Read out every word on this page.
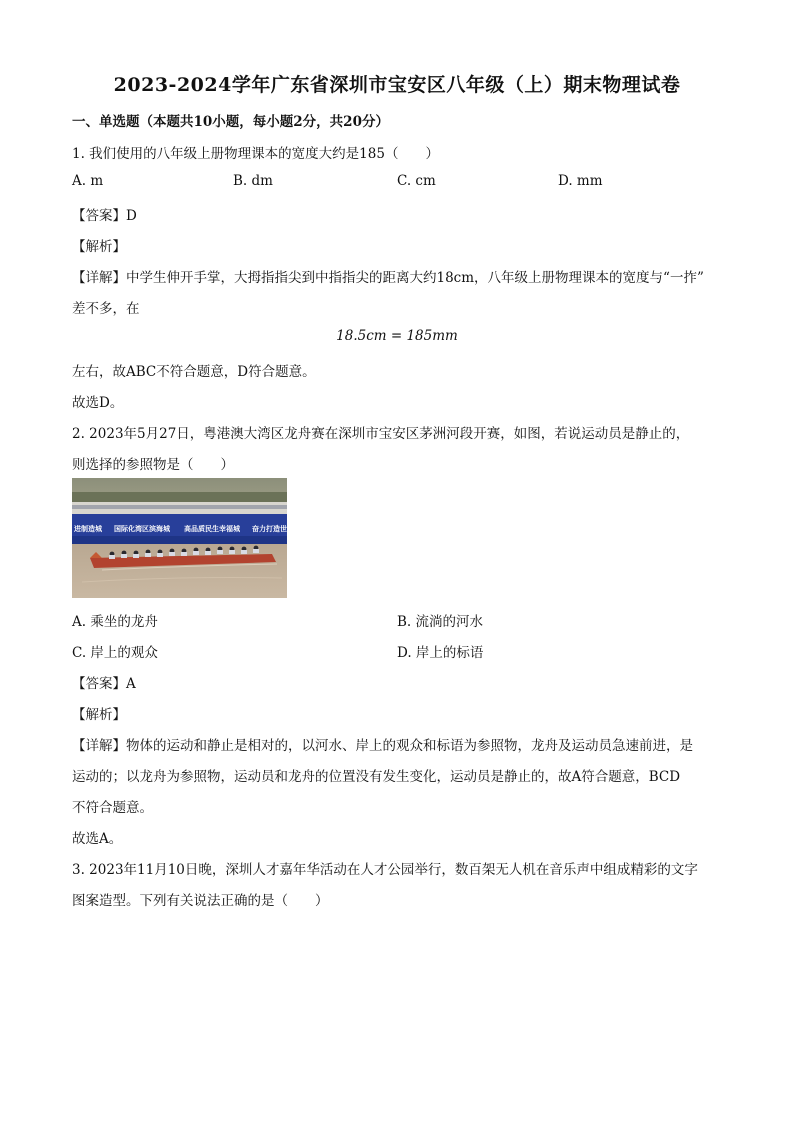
2023-2024学年广东省深圳市宝安区八年级（上）期末物理试卷
一、单选题（本题共10小题，每小题2分，共20分）
1. 我们使用的八年级上册物理课本的宽度大约是185（　　）
A. m	B. dm	C. cm	D. mm
【答案】D
【解析】
【详解】中学生伸开手掌，大拇指指尖到中指指尖的距离大约18cm，八年级上册物理课本的宽度与“一拃”
差不多，在
18.5cm = 185mm
左右，故ABC不符合题意，D符合题意。
故选D。
2. 2023年5月27日，粤港澳大湾区龙舟赛在深圳市宝安区茅洲河段开赛，如图，若说运动员是静止的，
则选择的参照物是（　　）
进制造城 国际化湾区滨海城 高品质民生幸福城 奋力打造世
A. 乘坐的龙舟	B. 流淌的河水
C. 岸上的观众	D. 岸上的标语
【答案】A
【解析】
【详解】物体的运动和静止是相对的，以河水、岸上的观众和标语为参照物，龙舟及运动员急速前进，是
运动的；以龙舟为参照物，运动员和龙舟的位置没有发生变化，运动员是静止的，故A符合题意，BCD
不符合题意。
故选A。
3. 2023年11月10日晚，深圳人才嘉年华活动在人才公园举行，数百架无人机在音乐声中组成精彩的文字
图案造型。下列有关说法正确的是（　　）
